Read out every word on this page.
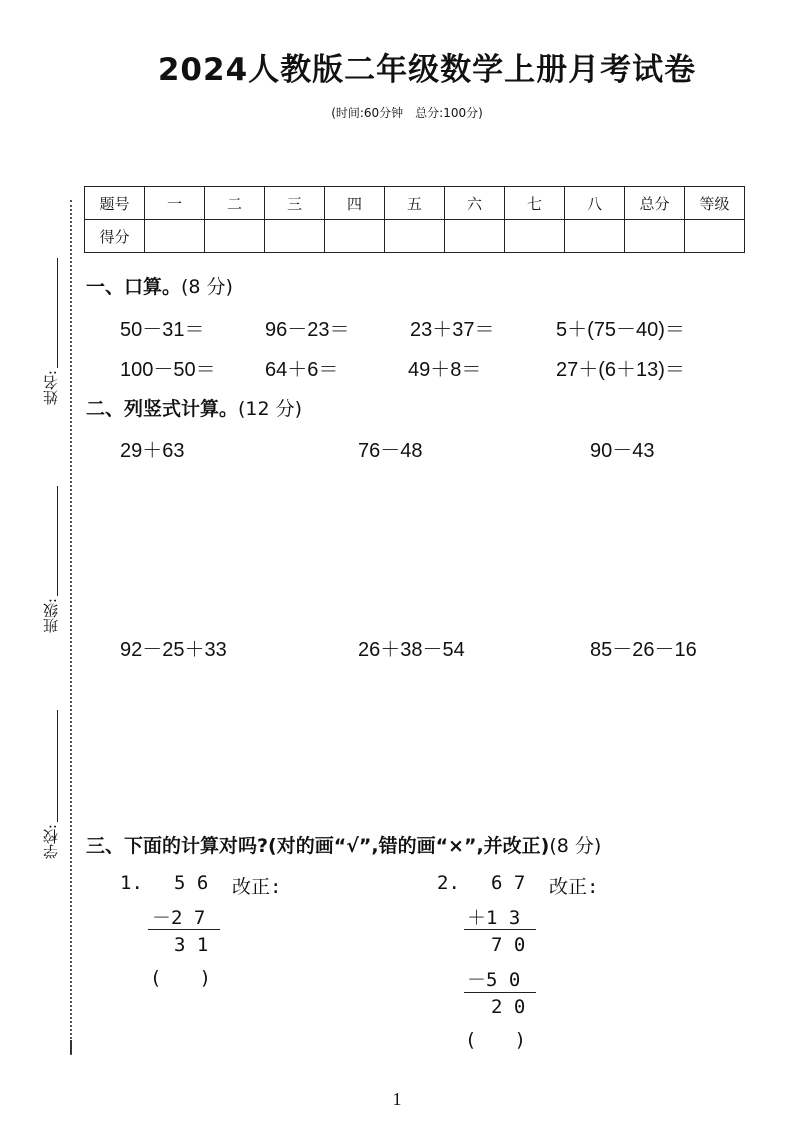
2024人教版二年级数学上册月考试卷
(时间:60分钟　总分:100分)
姓名:
班级:
学校:
题号	一	二	三	四	五	六	七	八	总分	等级
得分										
一、口算。(8 分)
50－31＝	96－23＝	23＋37＝	5＋(75－40)＝
100－50＝ 64＋6＝	49＋8＝	27＋(6＋13)＝
二、列竖式计算。(12 分)
29＋63	76－48	90－43
92－25＋33	26＋38－54	85－26－16
三、下面的计算对吗?(对的画“√”,错的画“×”,并改正)(8 分)
1. 5 6 改正:
－2 7
3 1
(　　)
2. 6 7 改正:
＋1 3
7 0
－5 0
2 0
(　　)
1
